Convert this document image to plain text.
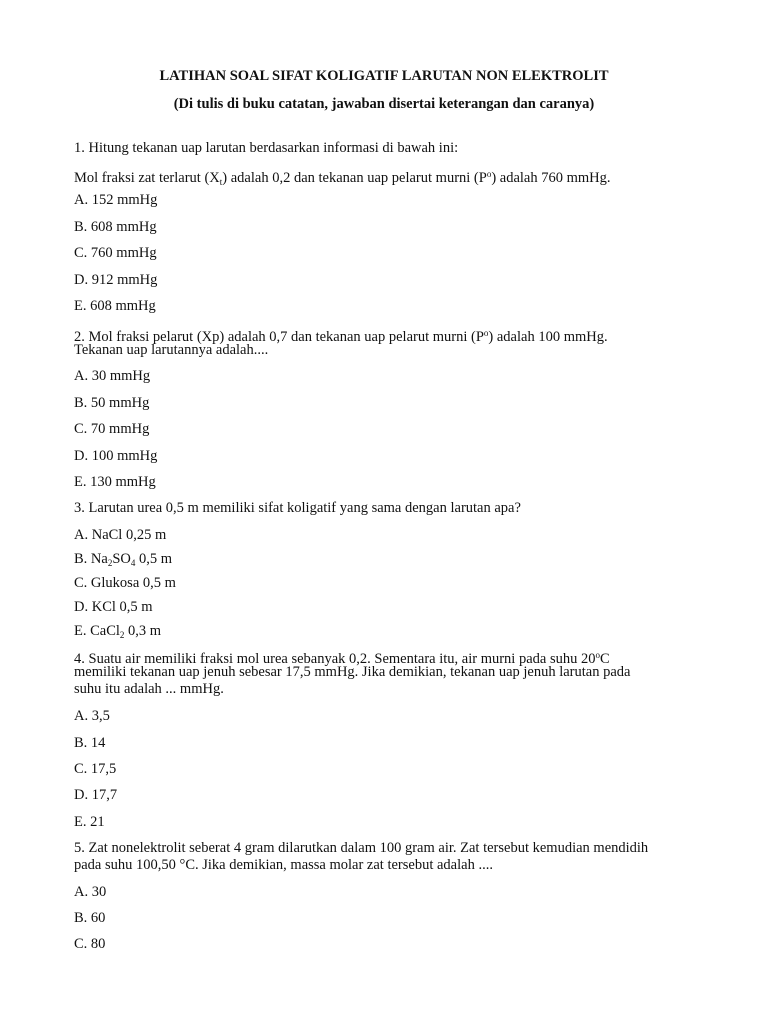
LATIHAN SOAL SIFAT KOLIGATIF LARUTAN NON ELEKTROLIT
(Di tulis di buku catatan, jawaban disertai keterangan dan caranya)
1. Hitung tekanan uap larutan berdasarkan informasi di bawah ini:
Mol fraksi zat terlarut $(X_t)$ adalah 0,2 dan tekanan uap pelarut murni $(P^o)$ adalah 760 mmHg.
A. 152 mmHg
B. 608 mmHg
C. 760 mmHg
D. 912 mmHg
E. 608 mmHg
2. Mol fraksi pelarut (Xp) adalah 0,7 dan tekanan uap pelarut murni $(P^o)$ adalah 100 mmHg.
Tekanan uap larutannya adalah....
A. 30 mmHg
B. 50 mmHg
C. 70 mmHg
D. 100 mmHg
E. 130 mmHg
3. Larutan urea 0,5 m memiliki sifat koligatif yang sama dengan larutan apa?
A. NaCl 0,25 m
B. $Na_2SO_4$ 0,5 m
C. Glukosa 0,5 m
D. KCl 0,5 m
E. CaCl$_2$ 0,3 m
4. Suatu air memiliki fraksi mol urea sebanyak 0,2. Sementara itu, air murni pada suhu 20$^o$C
memiliki tekanan uap jenuh sebesar 17,5 mmHg. Jika demikian, tekanan uap jenuh larutan pada
suhu itu adalah ... mmHg.
A. 3,5
B. 14
C. 17,5
D. 17,7
E. 21
5. Zat nonelektrolit seberat 4 gram dilarutkan dalam 100 gram air. Zat tersebut kemudian mendidih
pada suhu 100,50 °C. Jika demikian, massa molar zat tersebut adalah ....
A. 30
B. 60
C. 80
